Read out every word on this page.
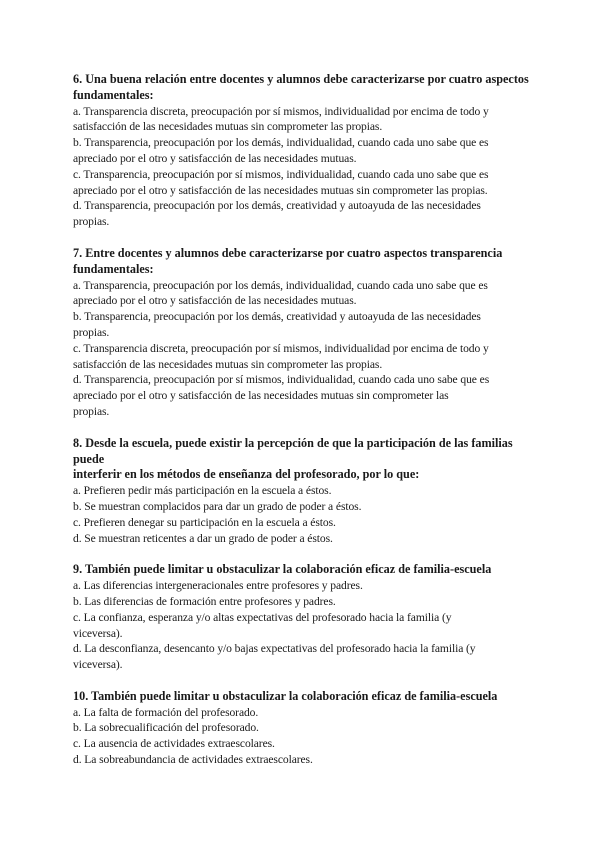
6. Una buena relación entre docentes y alumnos debe caracterizarse por cuatro aspectos
fundamentales:

a. Transparencia discreta, preocupación por sí mismos, individualidad por encima de todo y
satisfacción de las necesidades mutuas sin comprometer las propias.

b. Transparencia, preocupación por los demás, individualidad, cuando cada uno sabe que es
apreciado por el otro y satisfacción de las necesidades mutuas.

c. Transparencia, preocupación por sí mismos, individualidad, cuando cada uno sabe que es
apreciado por el otro y satisfacción de las necesidades mutuas sin comprometer las propias.

d. Transparencia, preocupación por los demás, creatividad y autoayuda de las necesidades
propias.

7. Entre docentes y alumnos debe caracterizarse por cuatro aspectos transparencia
fundamentales:

a. Transparencia, preocupación por los demás, individualidad, cuando cada uno sabe que es
apreciado por el otro y satisfacción de las necesidades mutuas.

b. Transparencia, preocupación por los demás, creatividad y autoayuda de las necesidades
propias.

c. Transparencia discreta, preocupación por sí mismos, individualidad por encima de todo y
satisfacción de las necesidades mutuas sin comprometer las propias.

d. Transparencia, preocupación por sí mismos, individualidad, cuando cada uno sabe que es
apreciado por el otro y satisfacción de las necesidades mutuas sin comprometer las
propias.

8. Desde la escuela, puede existir la percepción de que la participación de las familias
puede
interferir en los métodos de enseñanza del profesorado, por lo que:

a. Prefieren pedir más participación en la escuela a éstos.

b. Se muestran complacidos para dar un grado de poder a éstos.

c. Prefieren denegar su participación en la escuela a éstos.

d. Se muestran reticentes a dar un grado de poder a éstos.

9. También puede limitar u obstaculizar la colaboración eficaz de familia-escuela

a. Las diferencias intergeneracionales entre profesores y padres.

b. Las diferencias de formación entre profesores y padres.

c. La confianza, esperanza y/o altas expectativas del profesorado hacia la familia (y
viceversa).

d. La desconfianza, desencanto y/o bajas expectativas del profesorado hacia la familia (y
viceversa).

10. También puede limitar u obstaculizar la colaboración eficaz de familia-escuela

a. La falta de formación del profesorado.

b. La sobrecualificación del profesorado.

c. La ausencia de actividades extraescolares.

d. La sobreabundancia de actividades extraescolares.
